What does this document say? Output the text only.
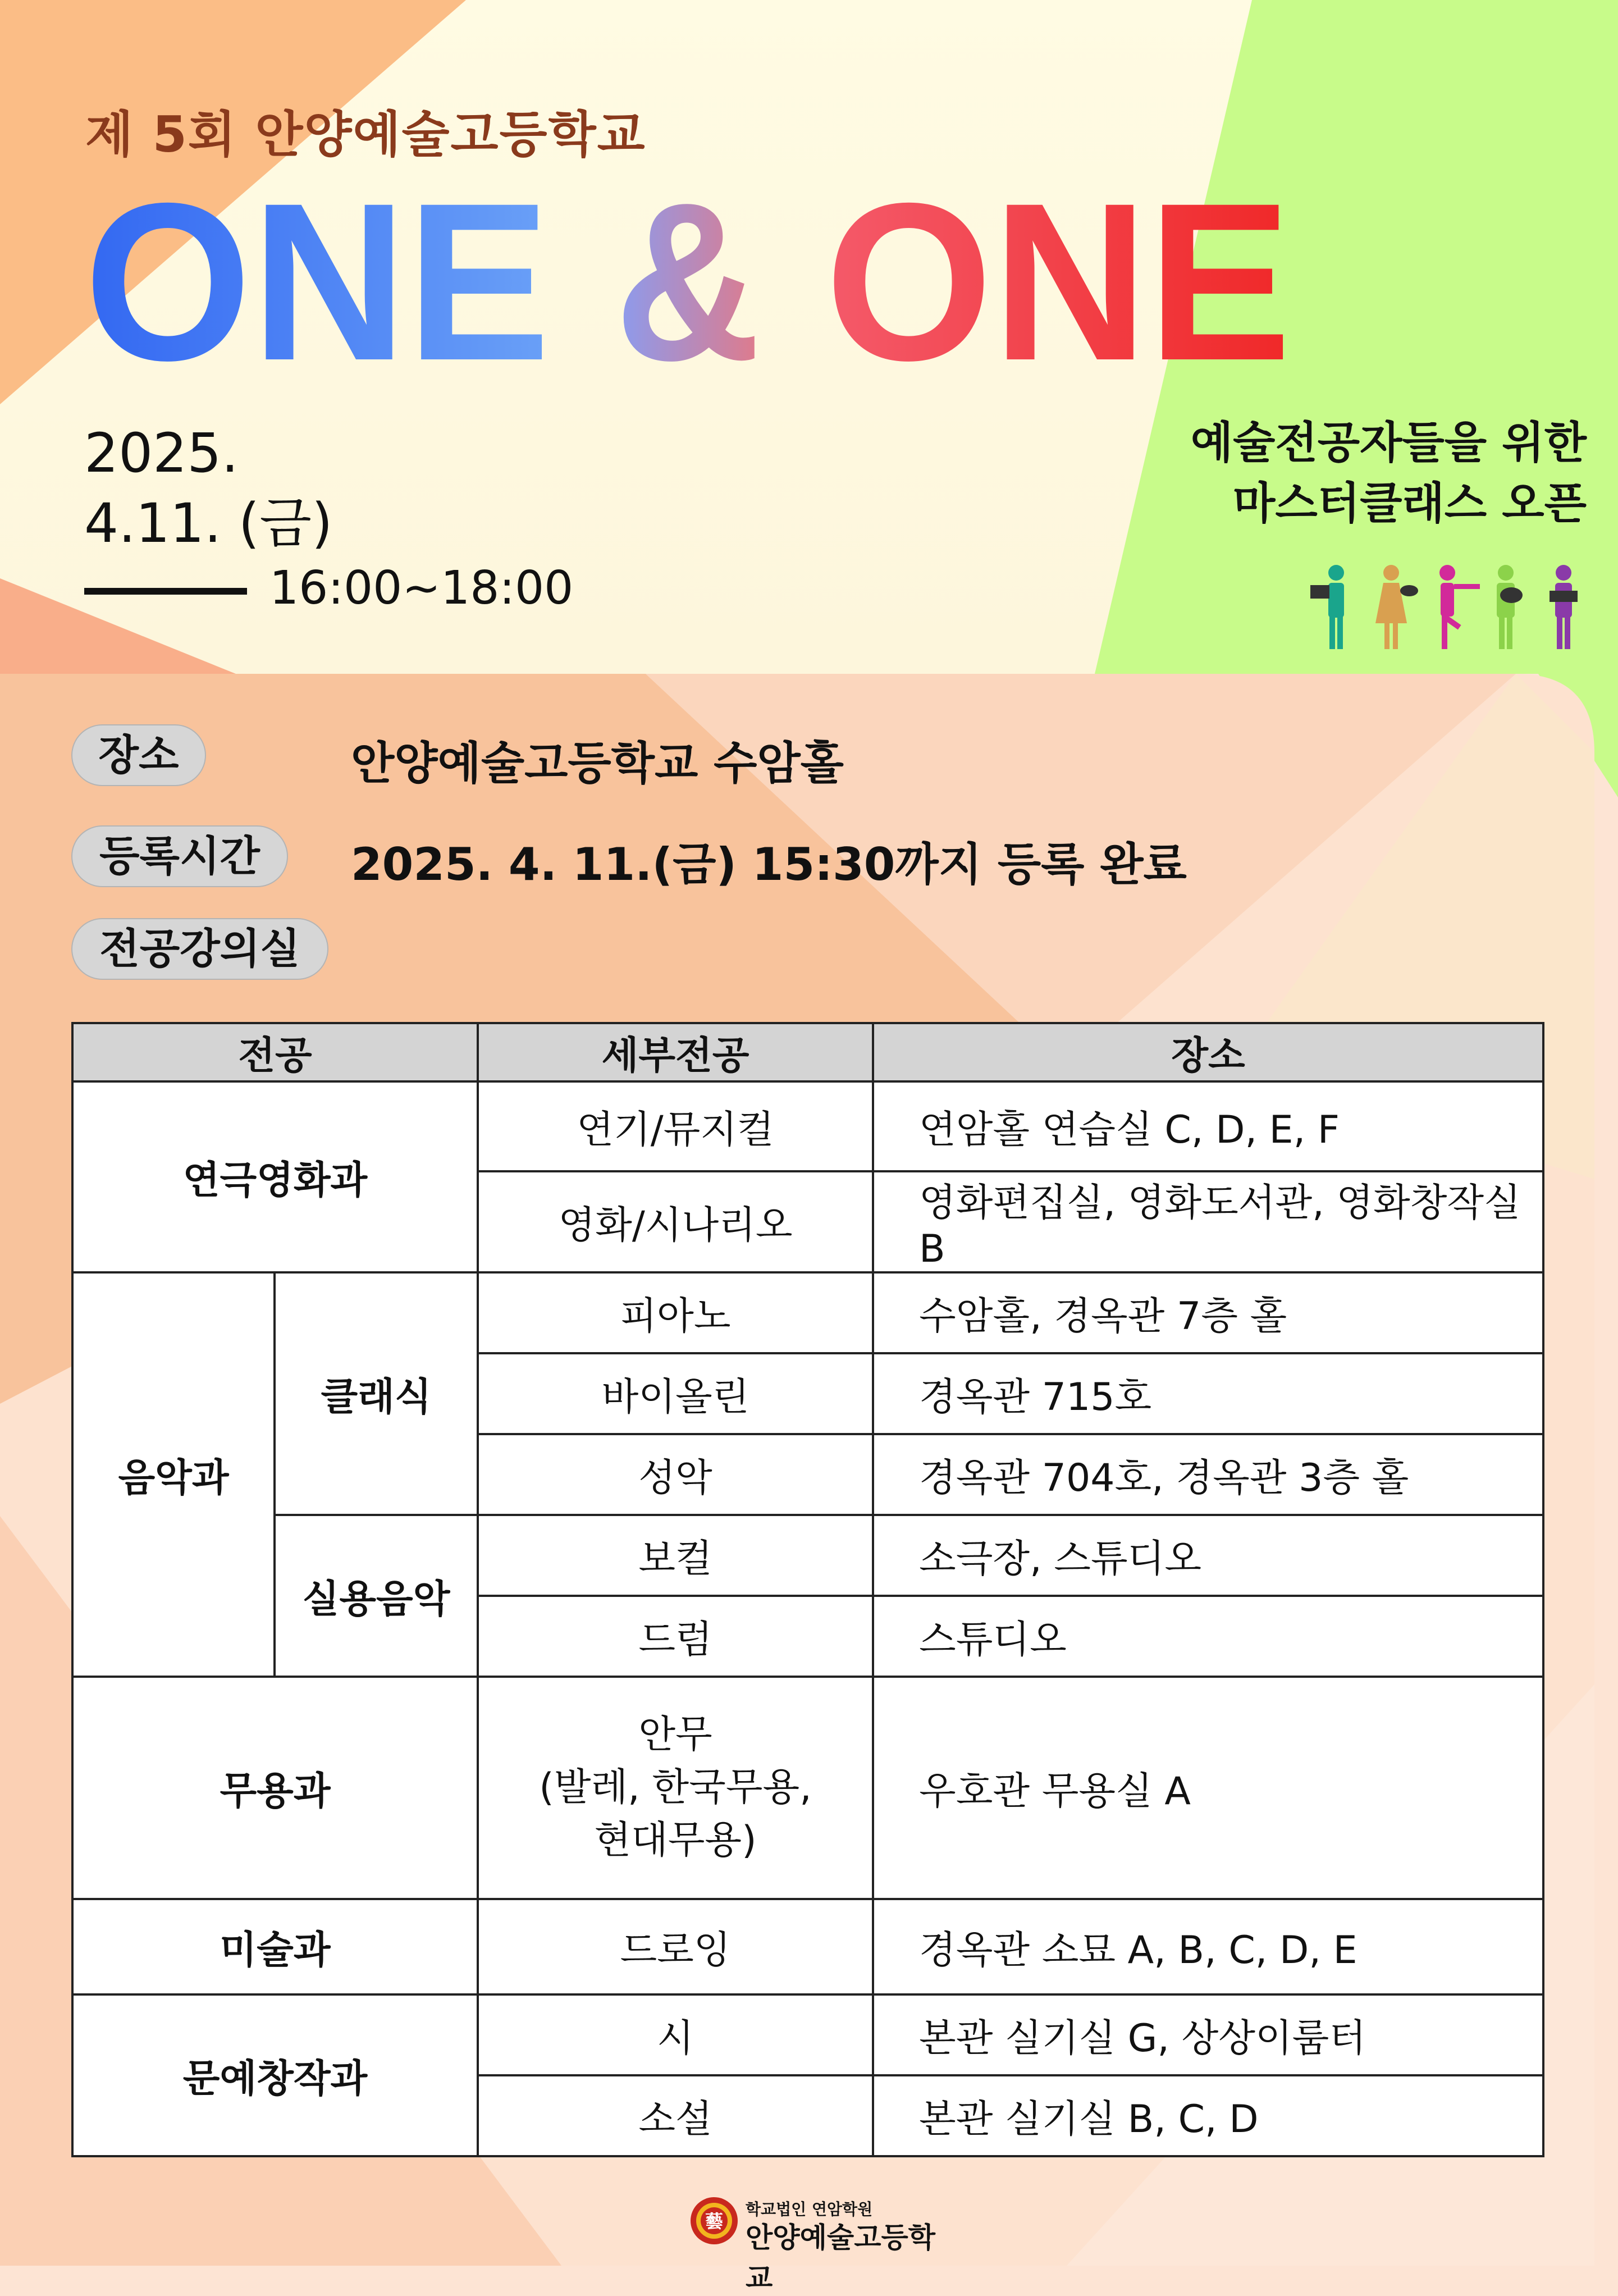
제 5회 안양예술고등학교
ONE & ONE
2025.
4.11. (금)
16:00~18:00
예술전공자들을 위한
마스터클래스 오픈
장소	안양예술고등학교 수암홀
등록시간	2025. 4. 11.(금) 15:30까지 등록 완료
전공강의실
전공		세부전공	장소
연극영화과		연기/뮤지컬	연암홀 연습실 C, D, E, F
		영화/시나리오	영화편집실, 영화도서관, 영화창작실B
음악과	클래식	피아노	수암홀, 경옥관 7층 홀
		바이올린	경옥관 715호
		성악	경옥관 704호, 경옥관 3층 홀
	실용음악	보컬	소극장, 스튜디오
		드럼	스튜디오
무용과		안무
(발레, 한국무용,
현대무용)	우호관 무용실 A
미술과		드로잉	경옥관 소묘 A, B, C, D, E
문예창작과		시	본관 실기실 G, 상상이룸터
		소설	본관 실기실 B, C, D
藝
학교법인 연암학원
안양예술고등학교
